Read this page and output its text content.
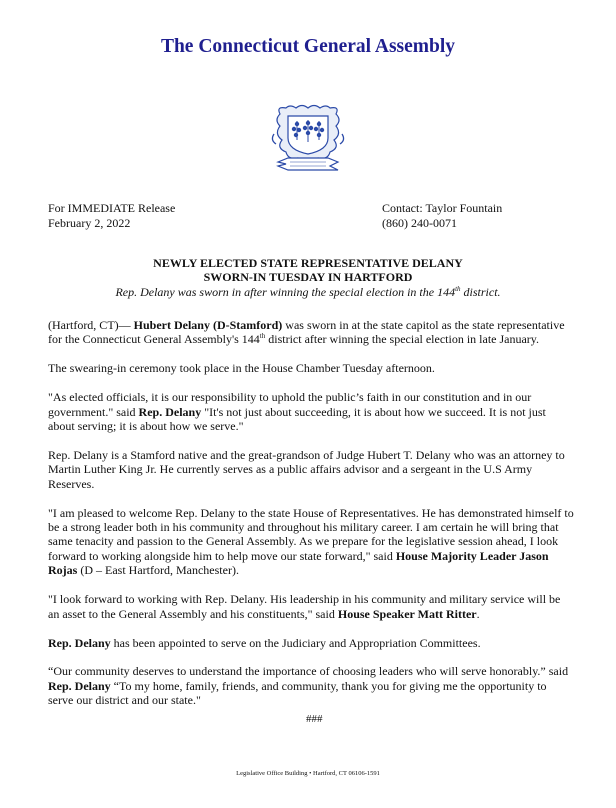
The Connecticut General Assembly
For IMMEDIATE Release
February 2, 2022
Contact: Taylor Fountain
(860) 240-0071
NEWLY ELECTED STATE REPRESENTATIVE DELANY
SWORN-IN TUESDAY IN HARTFORD
Rep. Delany was sworn in after winning the special election in the 144th district.

(Hartford, CT)— Hubert Delany (D-Stamford) was sworn in at the state capitol as the state representative for the Connecticut General Assembly's 144th district after winning the special election in late January.

The swearing-in ceremony took place in the House Chamber Tuesday afternoon.

"As elected officials, it is our responsibility to uphold the public’s faith in our constitution and in our government." said Rep. Delany "It's not just about succeeding, it is about how we succeed. It is not just about serving; it is about how we serve."

Rep. Delany is a Stamford native and the great-grandson of Judge Hubert T. Delany who was an attorney to Martin Luther King Jr. He currently serves as a public affairs advisor and a sergeant in the U.S Army Reserves.

"I am pleased to welcome Rep. Delany to the state House of Representatives. He has demonstrated himself to be a strong leader both in his community and throughout his military career. I am certain he will bring that same tenacity and passion to the General Assembly. As we prepare for the legislative session ahead, I look forward to working alongside him to help move our state forward," said House Majority Leader Jason Rojas (D – East Hartford, Manchester).

"I look forward to working with Rep. Delany. His leadership in his community and military service will be an asset to the General Assembly and his constituents," said House Speaker Matt Ritter.

Rep. Delany has been appointed to serve on the Judiciary and Appropriation Committees.

“Our community deserves to understand the importance of choosing leaders who will serve honorably.” said Rep. Delany “To my home, family, friends, and community, thank you for giving me the opportunity to serve our district and our state."

###
Legislative Office Building • Hartford, CT 06106-1591
